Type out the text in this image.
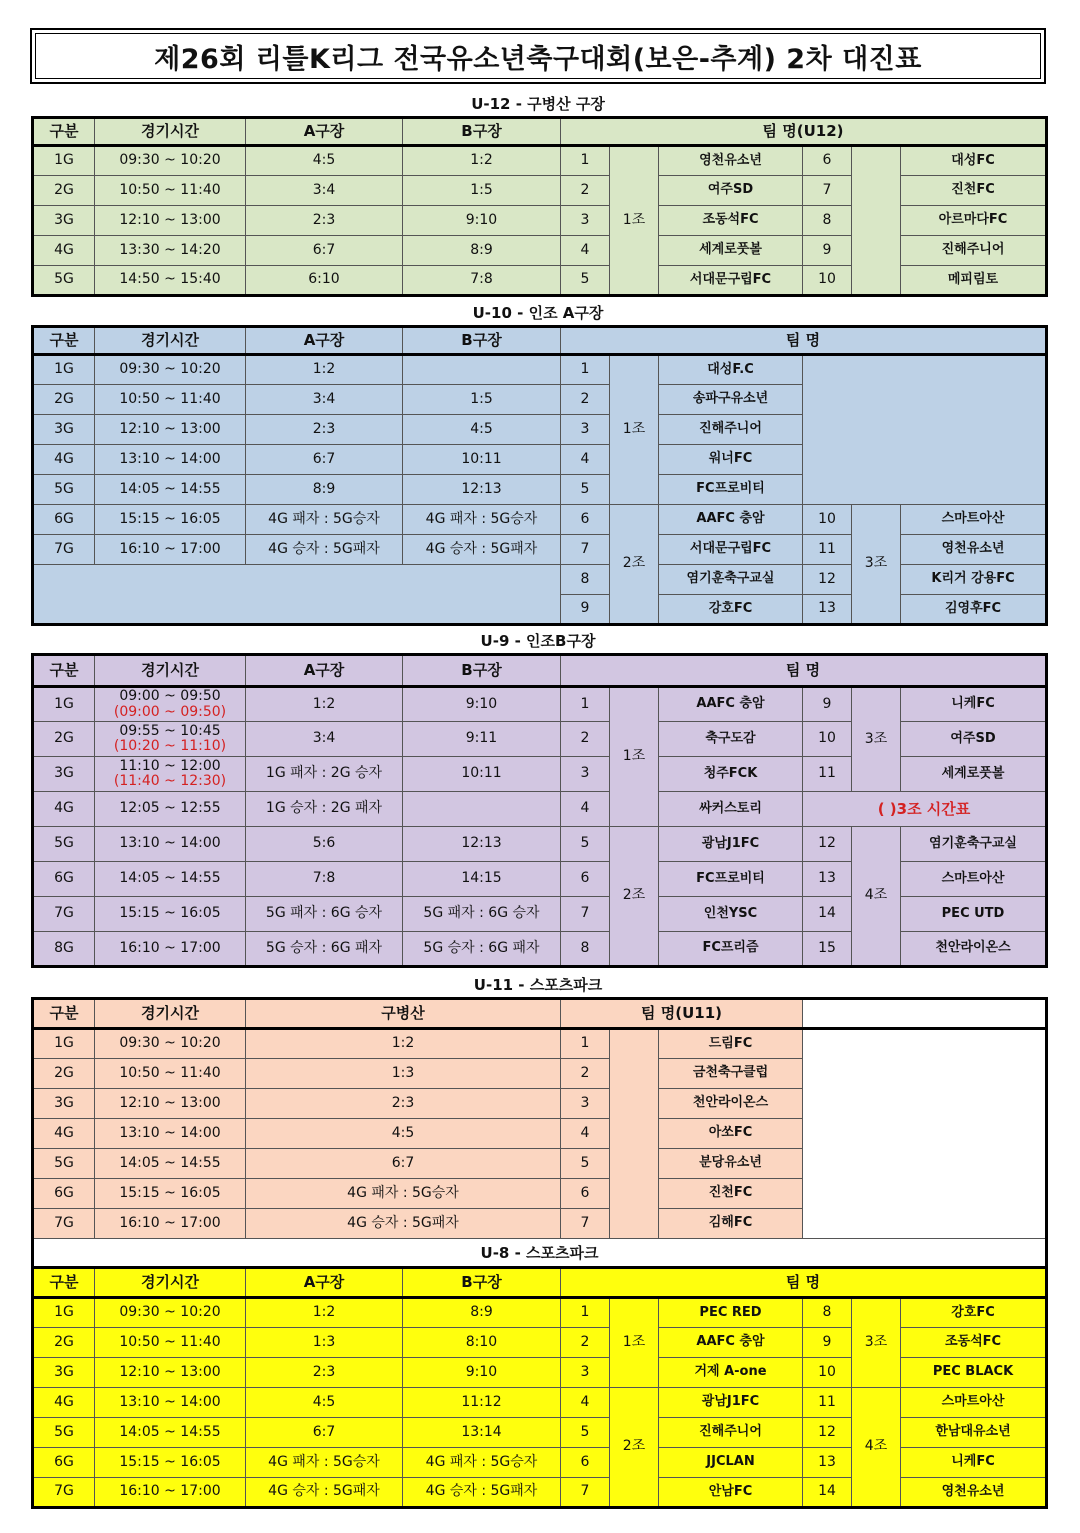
제26회 리틀K리그 전국유소년축구대회(보은-추계) 2차 대진표
U-12 - 구병산 구장
구분	경기시간	A구장	B구장	팀 명(U12)					
1G	09:30 ~ 10:20	4:5	1:2	1	1조	영천유소년	6		대성FC
2G	10:50 ~ 11:40	3:4	1:5	2		여주SD	7		진천FC
3G	12:10 ~ 13:00	2:3	9:10	3		조동석FC	8		아르마다FC
4G	13:30 ~ 14:20	6:7	8:9	4		세계로풋볼	9		진해주니어
5G	14:50 ~ 15:40	6:10	7:8	5		서대문구립FC	10		메피림토
U-10 - 인조 A구장
구분	경기시간	A구장	B구장	팀 명					
1G	09:30 ~ 10:20	1:2		1	1조	대성F.C			
2G	10:50 ~ 11:40	3:4	1:5	2		송파구유소년			
3G	12:10 ~ 13:00	2:3	4:5	3		진해주니어			
4G	13:10 ~ 14:00	6:7	10:11	4		워너FC			
5G	14:05 ~ 14:55	8:9	12:13	5		FC프로비티			
6G	15:15 ~ 16:05	4G 패자 : 5G승자	4G 패자 : 5G승자	6	2조	AAFC 충암	10	3조	스마트아산
7G	16:10 ~ 17:00	4G 승자 : 5G패자	4G 승자 : 5G패자	7		서대문구립FC	11		영천유소년
				8		염기훈축구교실	12		K리거 강용FC
				9		강호FC	13		김영후FC
U-9 - 인조B구장
구분	경기시간	A구장	B구장	팀 명					
1G	09:00 ~ 09:50
(09:00 ~ 09:50)	1:2	9:10	1	1조	AAFC 충암	9	3조	니케FC
2G	09:55 ~ 10:45
(10:20 ~ 11:10)	3:4	9:11	2		축구도감	10		여주SD
3G	11:10 ~ 12:00
(11:40 ~ 12:30)	1G 패자 : 2G 승자	10:11	3		청주FCK	11		세계로풋볼
4G	12:05 ~ 12:55	1G 승자 : 2G 패자		4		싸커스토리	( )3조 시간표		
5G	13:10 ~ 14:00	5:6	12:13	5	2조	광남J1FC	12	4조	염기훈축구교실
6G	14:05 ~ 14:55	7:8	14:15	6		FC프로비티	13		스마트아산
7G	15:15 ~ 16:05	5G 패자 : 6G 승자	5G 패자 : 6G 승자	7		인천YSC	14		PEC UTD
8G	16:10 ~ 17:00	5G 승자 : 6G 패자	5G 승자 : 6G 패자	8		FC프리즘	15		천안라이온스
U-11 - 스포츠파크
구분	경기시간	구병산	팀 명(U11)			
1G	09:30 ~ 10:20	1:2	1		드림FC	
2G	10:50 ~ 11:40	1:3	2		금천축구클럽	
3G	12:10 ~ 13:00	2:3	3		천안라이온스	
4G	13:10 ~ 14:00	4:5	4		아쏘FC	
5G	14:05 ~ 14:55	6:7	5		분당유소년	
6G	15:15 ~ 16:05	4G 패자 : 5G승자	6		진천FC	
7G	16:10 ~ 17:00	4G 승자 : 5G패자	7		김해FC	
U-8 - 스포츠파크						
구분	경기시간	A구장	B구장	팀 명					
1G	09:30 ~ 10:20	1:2	8:9	1	1조	PEC RED	8	3조	강호FC
2G	10:50 ~ 11:40	1:3	8:10	2		AAFC 충암	9		조동석FC
3G	12:10 ~ 13:00	2:3	9:10	3		거제 A-one	10		PEC BLACK
4G	13:10 ~ 14:00	4:5	11:12	4	2조	광남J1FC	11	4조	스마트아산
5G	14:05 ~ 14:55	6:7	13:14	5		진해주니어	12		한남대유소년
6G	15:15 ~ 16:05	4G 패자 : 5G승자	4G 패자 : 5G승자	6		JJCLAN	13		니케FC
7G	16:10 ~ 17:00	4G 승자 : 5G패자	4G 승자 : 5G패자	7		안남FC	14		영천유소년
